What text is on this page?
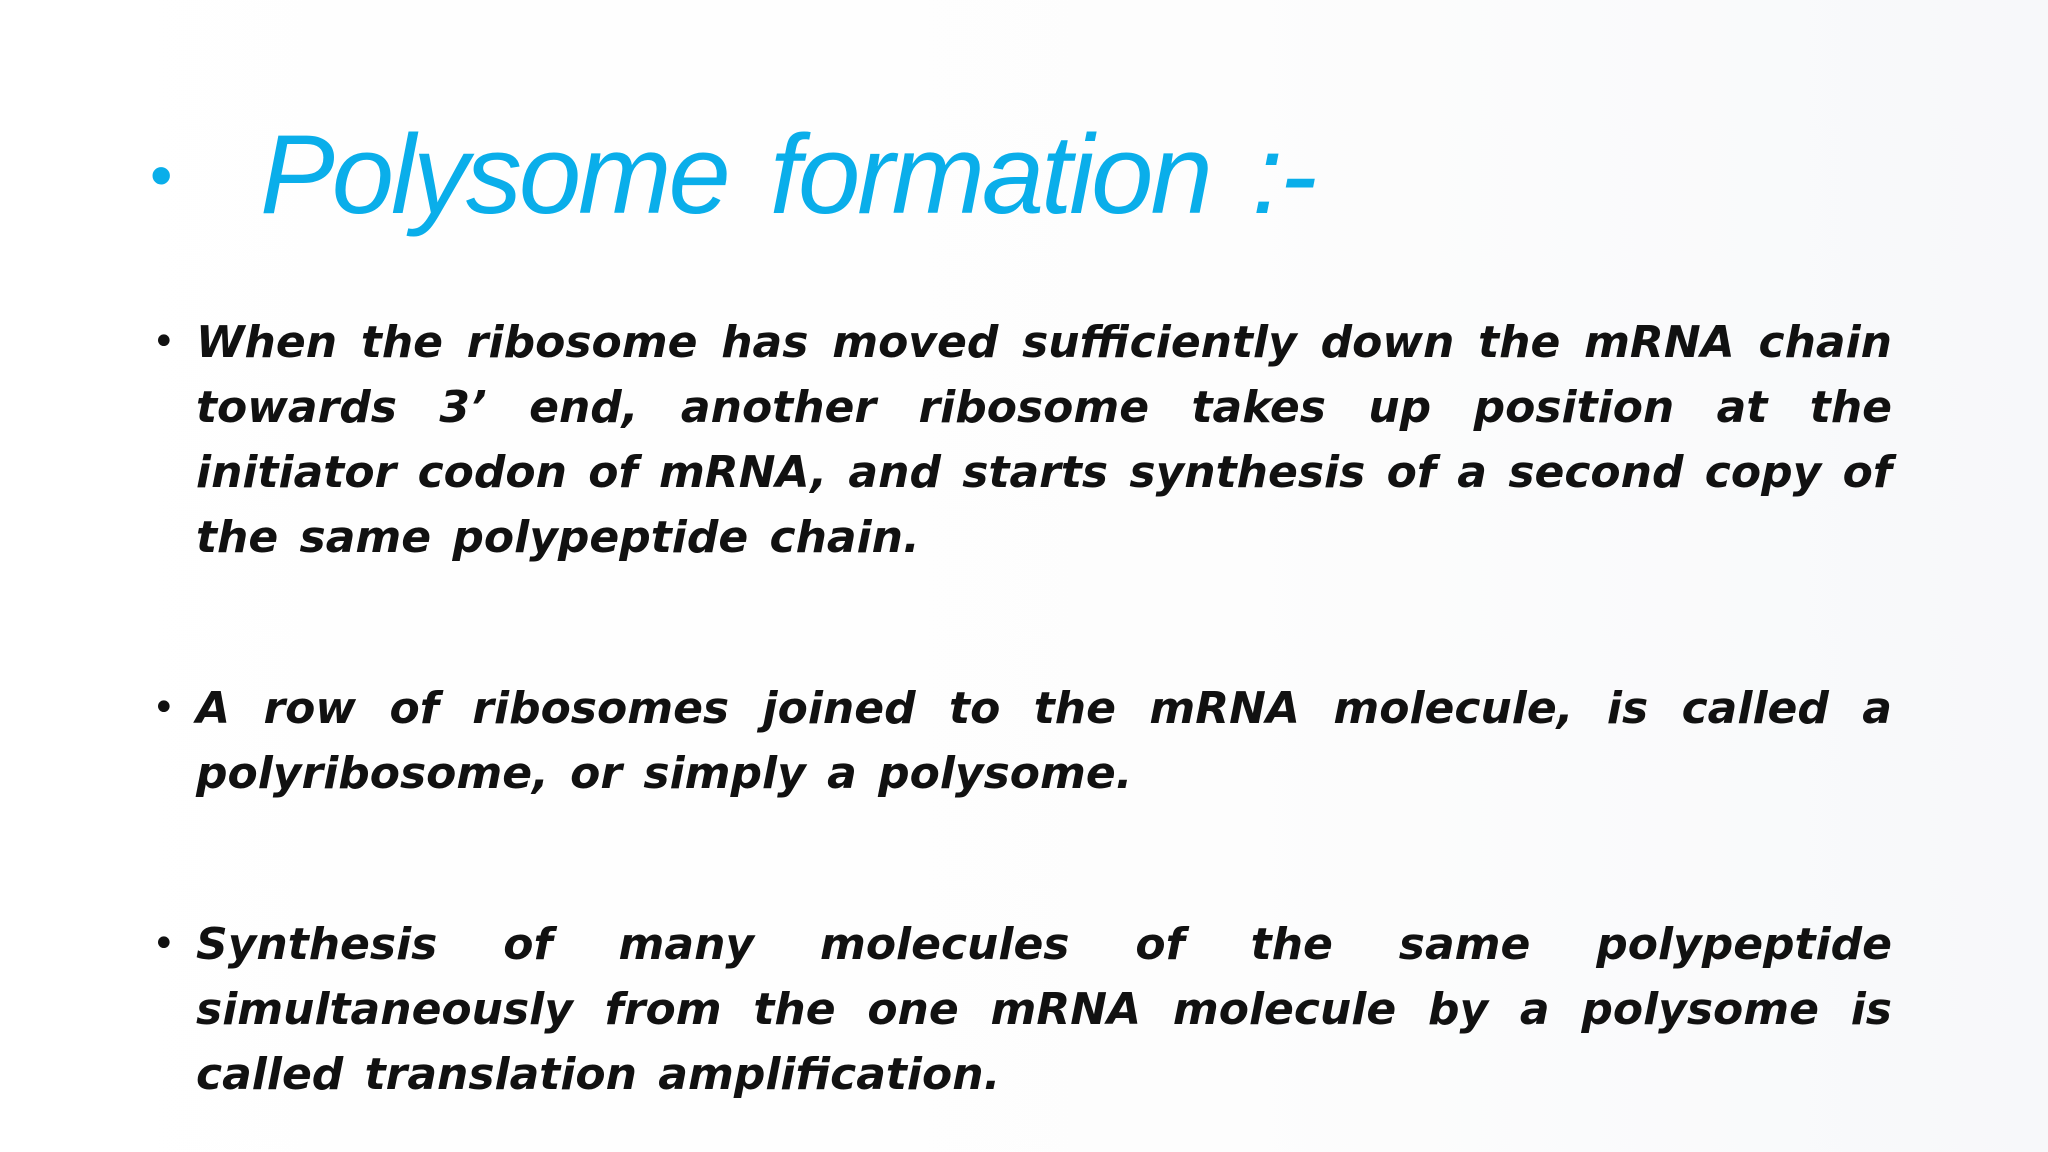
• Polysome formation :-
• When the ribosome has moved sufficiently down the mRNA chain towards 3’ end, another ribosome takes up position at the initiator codon of mRNA, and starts synthesis of a second copy of the same polypeptide chain.
• A row of ribosomes joined to the mRNA molecule, is called a polyribosome, or simply a polysome.
• Synthesis of many molecules of the same polypeptide simultaneously from the one mRNA molecule by a polysome is called translation amplification.
